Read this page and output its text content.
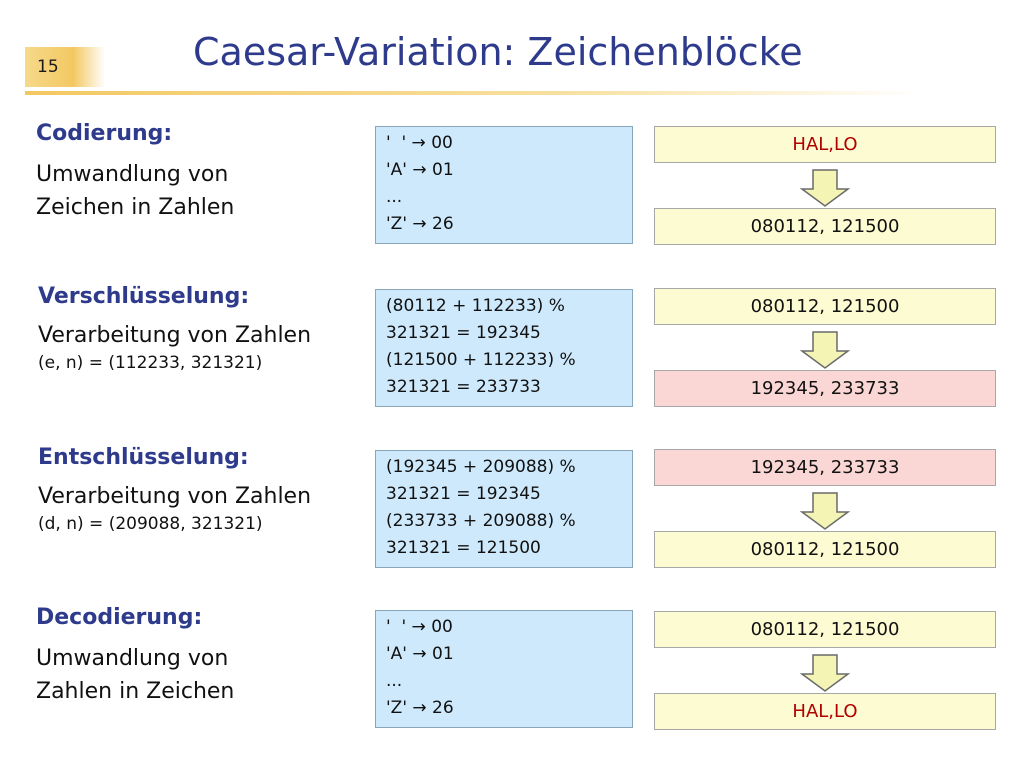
15	Caesar-Variation: Zeichenblöcke
Codierung:
Umwandlung von
Zeichen in Zahlen
'  ' → 00
'A' → 01
...
'Z' → 26
HAL,LO
080112, 121500
Verschlüsselung:
Verarbeitung von Zahlen
(e, n) = (112233, 321321)
(80112 + 112233) %
321321 = 192345
(121500 + 112233) %
321321 = 233733
080112, 121500
192345, 233733
Entschlüsselung:
Verarbeitung von Zahlen
(d, n) = (209088, 321321)
(192345 + 209088) %
321321 = 192345
(233733 + 209088) %
321321 = 121500
192345, 233733
080112, 121500
Decodierung:
Umwandlung von
Zahlen in Zeichen
'  ' → 00
'A' → 01
...
'Z' → 26
080112, 121500
HAL,LO
